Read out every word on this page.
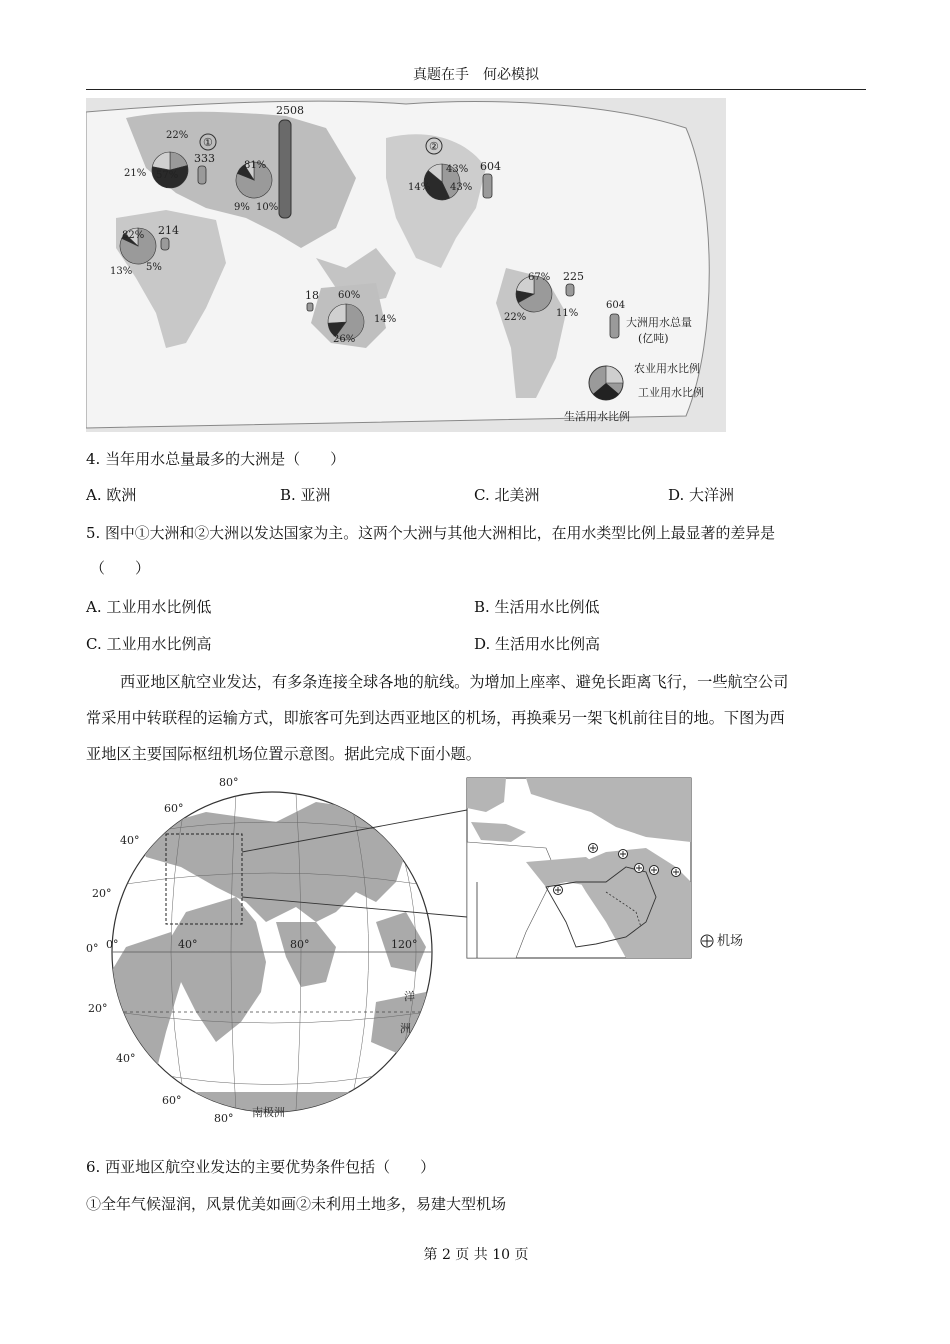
真题在手　何必模拟
2508
333
604
214
18
225
①	②
22%
57%
21%
81%
9% 10%
43%
43%
14%
82%
13% 5%
60%
14%
26%
67%
22%	11%
604
大洲用水总量
(亿吨)
农业用水比例
工业用水比例
生活用水比例
4. 当年用水总量最多的大洲是（　　）
A. 欧洲	B. 亚洲	C. 北美洲	D. 大洋洲
5. 图中①大洲和②大洲以发达国家为主。这两个大洲与其他大洲相比，在用水类型比例上最显著的差异是
（　　）
A. 工业用水比例低	B. 生活用水比例低
C. 工业用水比例高	D. 生活用水比例高
西亚地区航空业发达，有多条连接全球各地的航线。为增加上座率、避免长距离飞行，一些航空公司
常采用中转联程的运输方式，即旅客可先到达西亚地区的机场，再换乘另一架飞机前往目的地。下图为西
亚地区主要国际枢纽机场位置示意图。据此完成下面小题。
80°
60°
40°
20°
0°
20°
40°
60°
80°
0°	40°	80°	120°
洋
洲
南极洲
机场
6. 西亚地区航空业发达的主要优势条件包括（　　）
①全年气候湿润，风景优美如画②未利用土地多，易建大型机场
第 2 页 共 10 页
